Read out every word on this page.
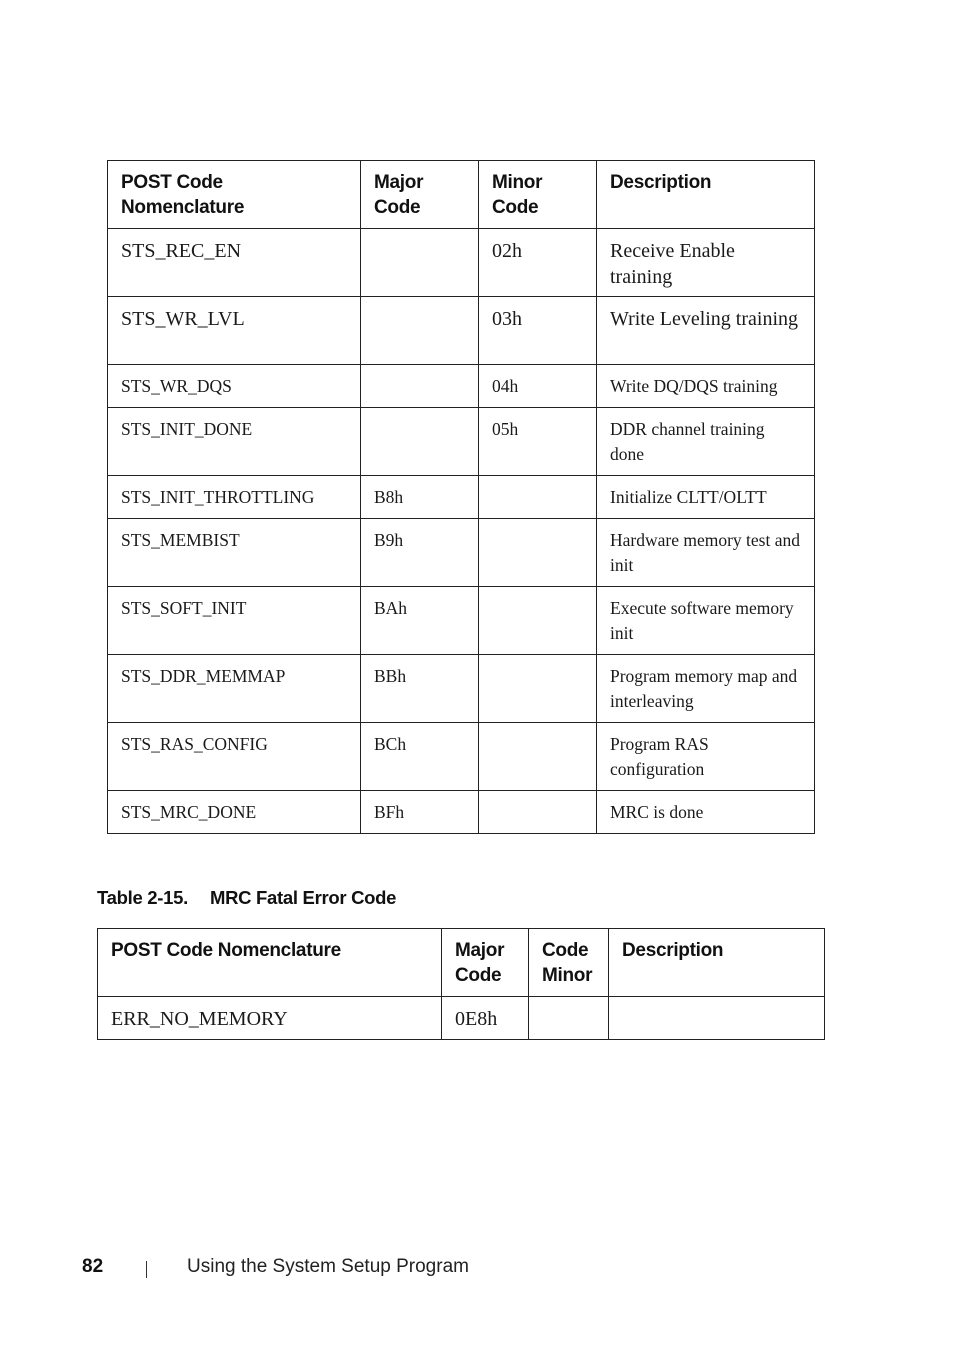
POST Code Nomenclature	Major Code	Minor Code	Description
STS_REC_EN		02h	Receive Enable training
STS_WR_LVL		03h	Write Leveling training
STS_WR_DQS		04h	Write DQ/DQS training
STS_INIT_DONE		05h	DDR channel training done
STS_INIT_THROTTLING	B8h		Initialize CLTT/OLTT
STS_MEMBIST	B9h		Hardware memory test and init
STS_SOFT_INIT	BAh		Execute software memory init
STS_DDR_MEMMAP	BBh		Program memory map and interleaving
STS_RAS_CONFIG	BCh		Program RAS configuration
STS_MRC_DONE	BFh		MRC is done
Table 2-15. MRC Fatal Error Code
POST Code Nomenclature	Major Code	Code Minor	Description
ERR_NO_MEMORY	0E8h		
82	Using the System Setup Program
